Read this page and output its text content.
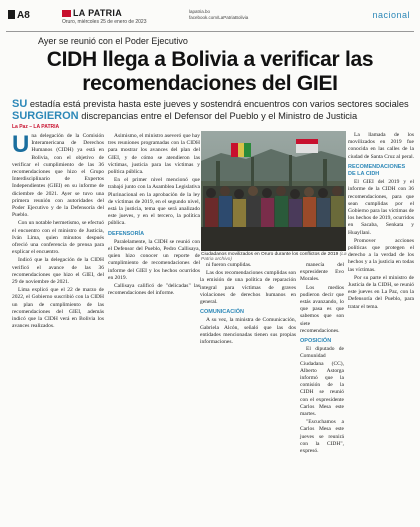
A8	LA PATRIA
Oruro, miércoles 25 de enero de 2023
lapatria.bo
facebook.com/LaPatriaBolivia	nacional
Ayer se reunió con el Poder Ejecutivo
CIDH llega a Bolivia a verificar las recomendaciones del GIEI
SU estadía está prevista hasta este jueves y sostendrá encuentros con varios sectores sociales
SURGIERON discrepancias entre el Defensor del Pueblo y el Ministro de Justicia
La Paz – LA PATRIA

Una delegación de la Comisión Interamericana de Derechos Humanos (CIDH) ya está en Bolivia, con el objetivo de verificar el cumplimiento de las 36 recomendaciones que hizo el Grupo Interdisciplinario de Expertos Independientes (GIEI) en su informe de diciembre de 2021. Ayer se tuvo una primera reunión con autoridades del Poder Ejecutivo y de la Defensoría del Pueblo.

Con un notable hermetismo, se efectuó el encuentro con el ministro de Justicia, Iván Lima, quien minutos después ofreció una conferencia de prensa para explicar el encuentro.

Indicó que la delegación de la CIDH verificó el avance de las 36 recomendaciones que hizo el GIEI, del 29 de noviembre de 2021.

Lima explicó que el 22 de marzo de 2022, el Gobierno suscribió con la CIDH un plan de cumplimiento de las recomendaciones del GIEI, además indicó que la CIDH verá en Bolivia los avances realizados.

Asimismo, el ministro aseveró que hay tres reuniones programadas con la CIDH para mostrar los avances del plan del GIEI, y de cómo se atendieron las víctimas, justicia para las víctimas y política pública.

En el primer nivel mencionó que trabajó junto con la Asamblea Legislativa Plurinacional en la aprobación de la ley de víctimas de 2019, en el segundo nivel, está la justicia, tema que será analizado este jueves, y en el tercero, la política pública.

DEFENSORÍA

Paralelamente, la CIDH se reunió con el Defensor del Pueblo, Pedro Callisaya, quien hizo conocer un reporte de cumplimiento de recomendaciones del informe del GIEI y los hechos ocurridos en 2019.

Callisaya calificó de "delicadas" las recomendaciones del informe.

Ciudadanos movilizados en Oruro durante los conflictos de 2019 (La Patria archivo)

ni fueron cumplidas.

Las dos recomendaciones cumplidas son la emisión de una política de reparación integral para víctimas de graves violaciones de derechos humanos en general.

COMUNICACIÓN

A su vez, la ministra de Comunicación, Gabriela Alcón, señaló que las dos entidades mencionadas tienen sus propias informaciones.

manecía del expresidente Evo Morales.

Los medios pudieron decir que estás avanzando, lo que pasa es que sabemos que son siete recomendaciones.

OPOSICIÓN

El diputado de Comunidad Ciudadana (CC), Alberto Astorga informó que la comisión de la CIDH se reunió con el expresidente Carlos Mesa este martes.

"Escuchamos a Carlos Mesa este jueves se reunirá con la CIDH", expresó.

La llamada de los movilizados en 2019 fue conocida en las calles de la ciudad de Santa Cruz al peral.

RECOMENDACIONES DE LA CIDH

El GIEI del 2019 y el informe de la CIDH con 36 recomendaciones, para que sean cumplidas por el Gobierno para las víctimas de los hechos de 2019, ocurridos en Sacaba, Senkata y Huayllani.

Promover acciones políticas que protegen el derecho a la verdad de los hechos y a la justicia en todas las víctimas.

Por su parte el ministro de Justicia de la CIDH, se reunió este jueves en La Paz, con la Defensoría del Pueblo, para tratar el tema.
